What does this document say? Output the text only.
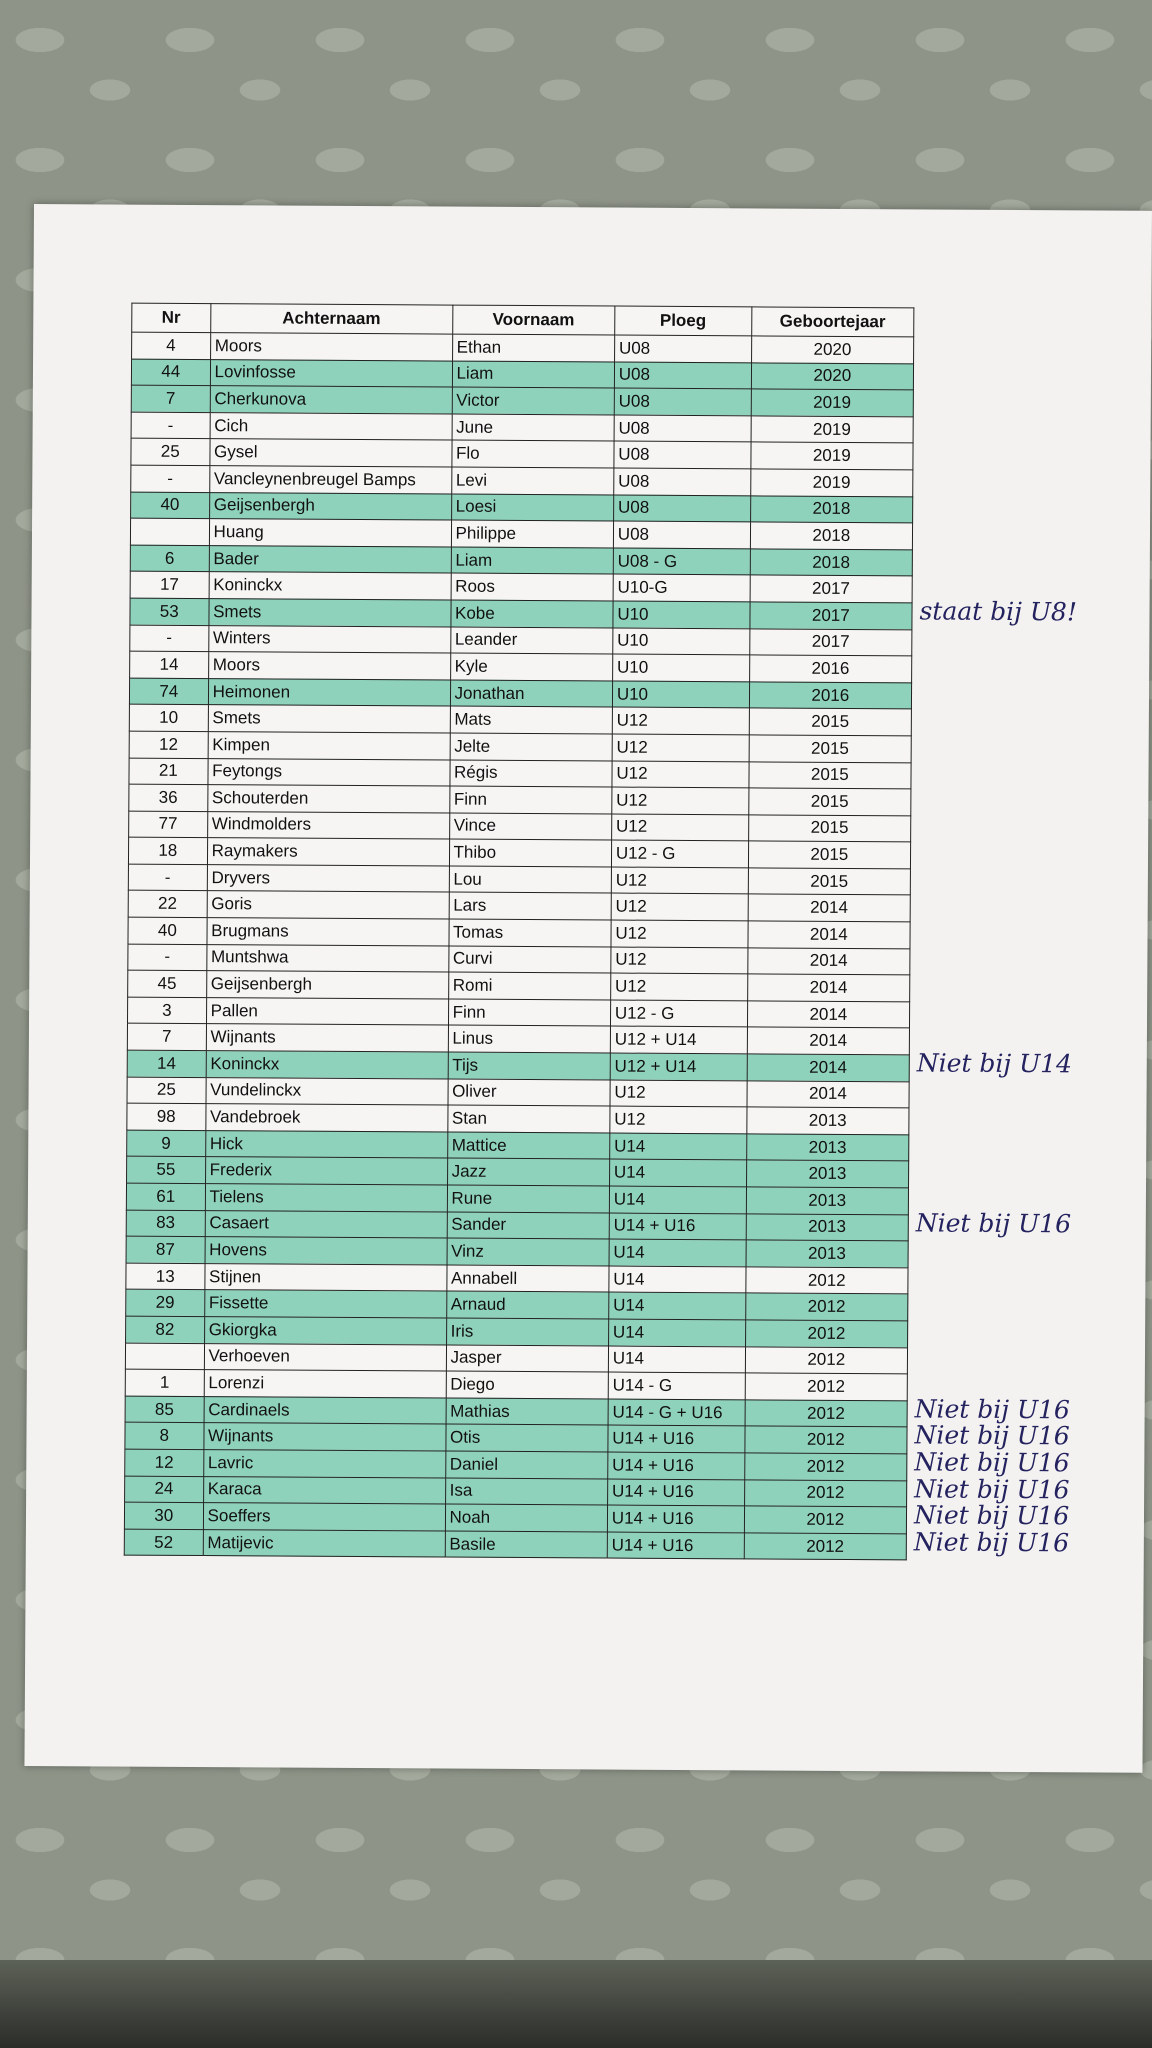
Nr	Achternaam	Voornaam	Ploeg	Geboortejaar
4	Moors	Ethan	U08	2020
44	Lovinfosse	Liam	U08	2020
7	Cherkunova	Victor	U08	2019
-	Cich	June	U08	2019
25	Gysel	Flo	U08	2019
-	Vancleynenbreugel Bamps	Levi	U08	2019
40	Geijsenbergh	Loesi	U08	2018
	Huang	Philippe	U08	2018
6	Bader	Liam	U08 - G	2018
17	Koninckx	Roos	U10-G	2017
53	Smets	Kobe	U10	2017
-	Winters	Leander	U10	2017
14	Moors	Kyle	U10	2016
74	Heimonen	Jonathan	U10	2016
10	Smets	Mats	U12	2015
12	Kimpen	Jelte	U12	2015
21	Feytongs	Régis	U12	2015
36	Schouterden	Finn	U12	2015
77	Windmolders	Vince	U12	2015
18	Raymakers	Thibo	U12 - G	2015
-	Dryvers	Lou	U12	2015
22	Goris	Lars	U12	2014
40	Brugmans	Tomas	U12	2014
-	Muntshwa	Curvi	U12	2014
45	Geijsenbergh	Romi	U12	2014
3	Pallen	Finn	U12 - G	2014
7	Wijnants	Linus	U12 + U14	2014
14	Koninckx	Tijs	U12 + U14	2014
25	Vundelinckx	Oliver	U12	2014
98	Vandebroek	Stan	U12	2013
9	Hick	Mattice	U14	2013
55	Frederix	Jazz	U14	2013
61	Tielens	Rune	U14	2013
83	Casaert	Sander	U14 + U16	2013
87	Hovens	Vinz	U14	2013
13	Stijnen	Annabell	U14	2012
29	Fissette	Arnaud	U14	2012
82	Gkiorgka	Iris	U14	2012
	Verhoeven	Jasper	U14	2012
1	Lorenzi	Diego	U14 - G	2012
85	Cardinaels	Mathias	U14 - G + U16	2012
8	Wijnants	Otis	U14 + U16	2012
12	Lavric	Daniel	U14 + U16	2012
24	Karaca	Isa	U14 + U16	2012
30	Soeffers	Noah	U14 + U16	2012
52	Matijevic	Basile	U14 + U16	2012
staat bij U8!
Niet bij U14
Niet bij U16
Niet bij U16
Niet bij U16
Niet bij U16
Niet bij U16
Niet bij U16
Niet bij U16
